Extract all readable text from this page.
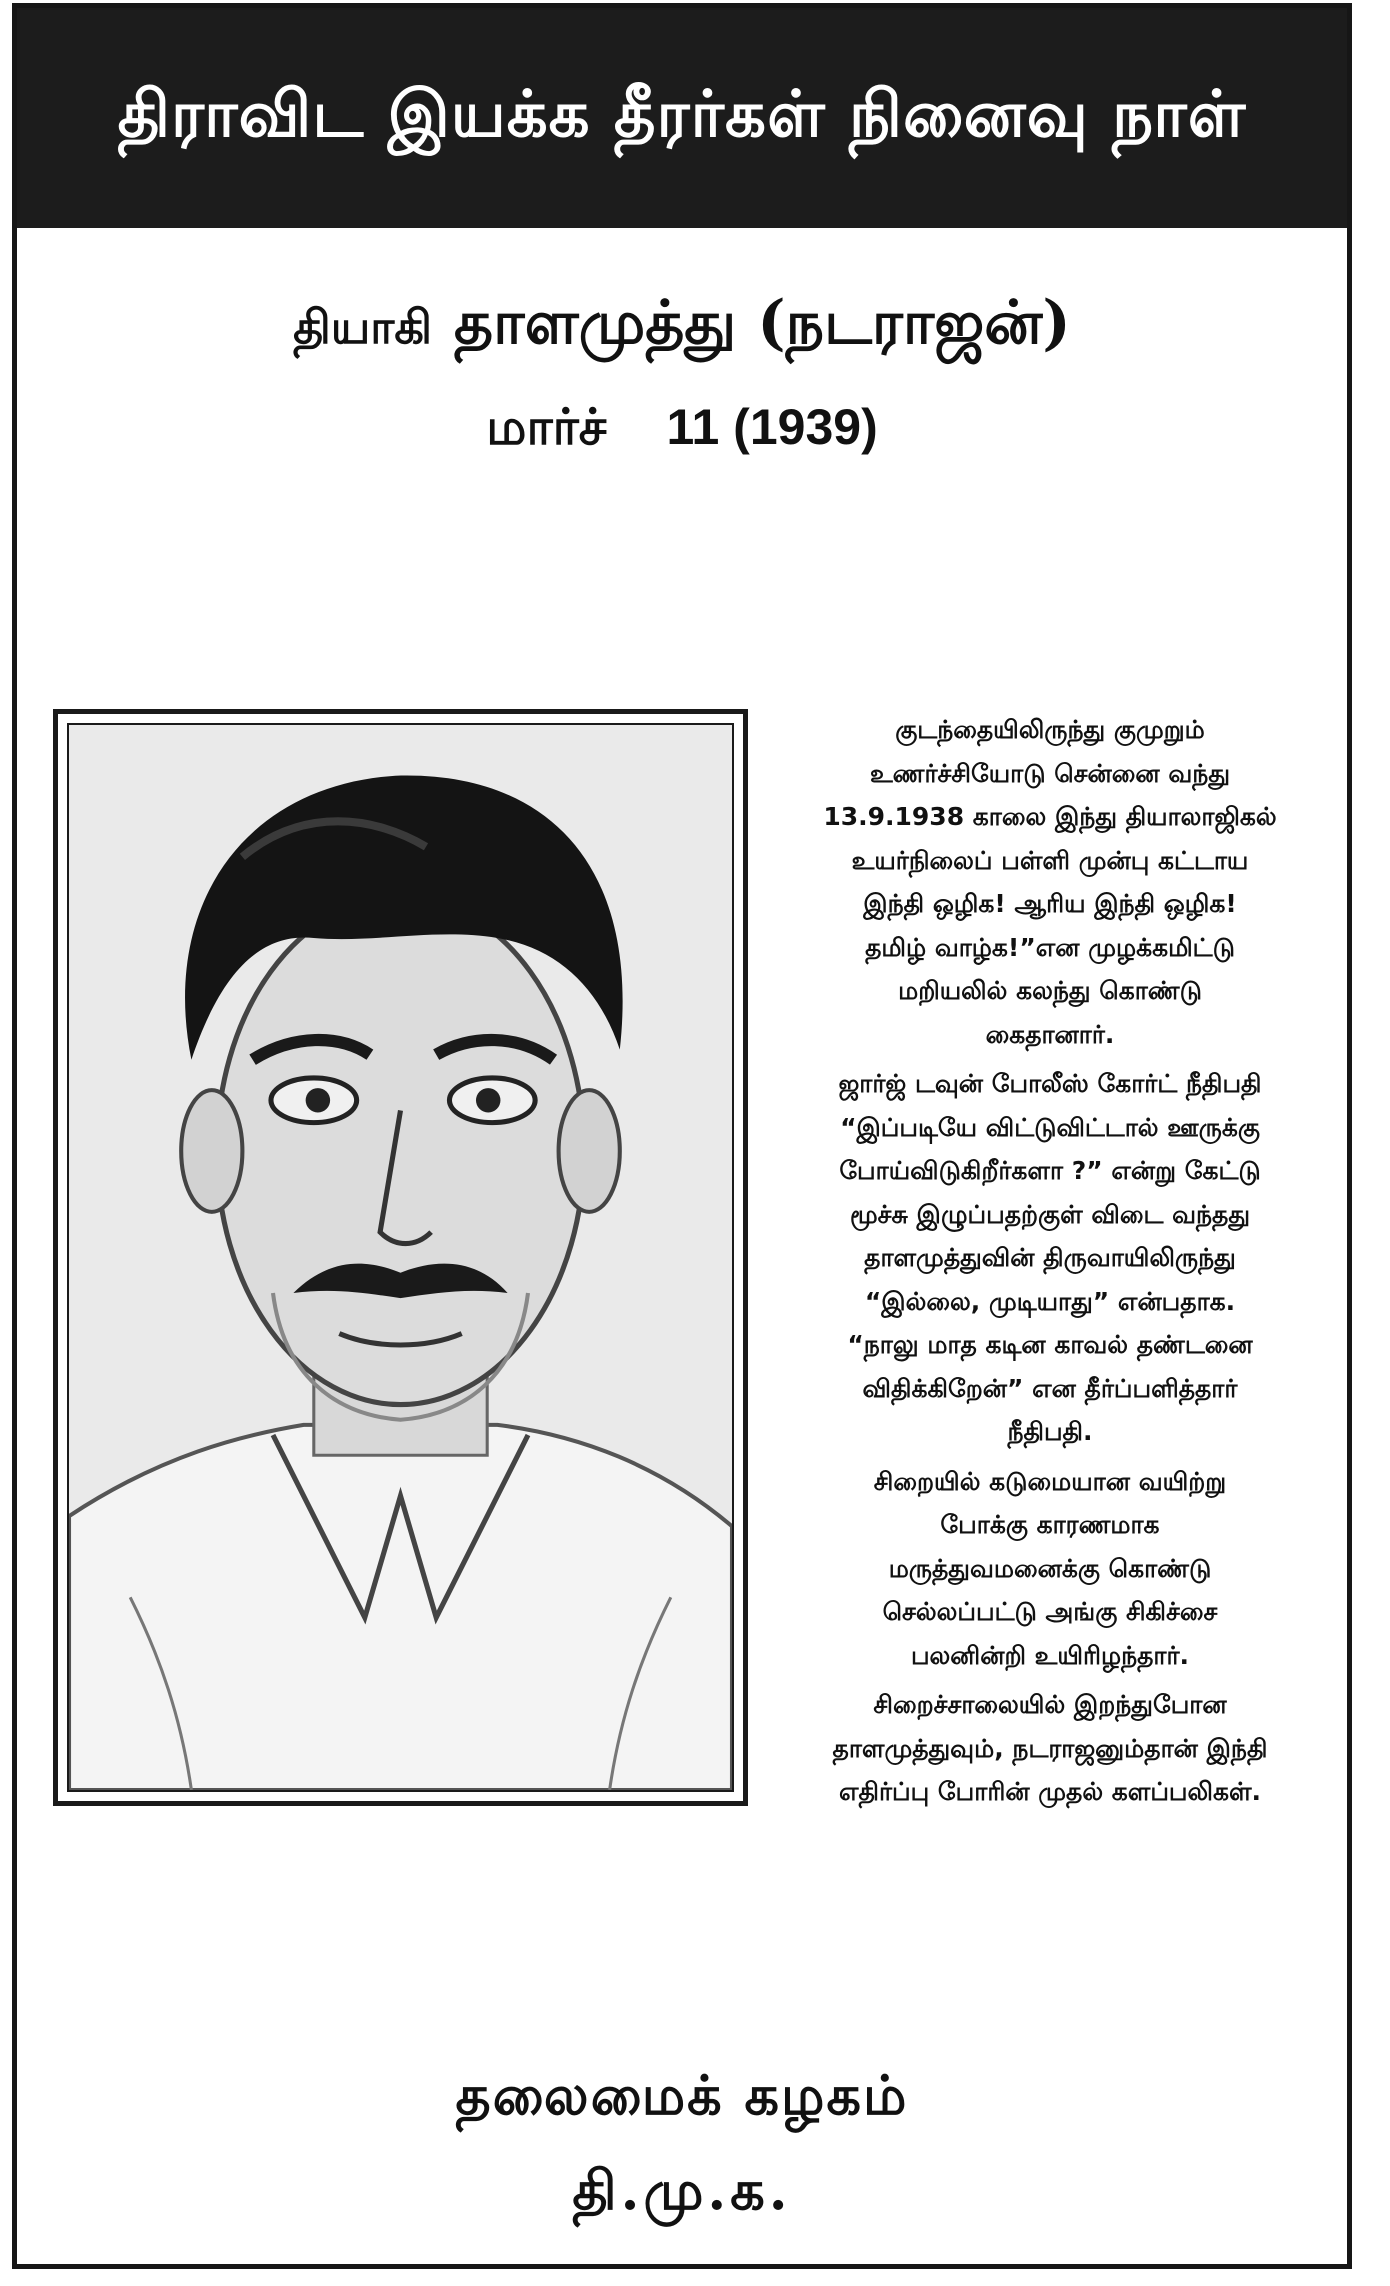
திராவிட இயக்க தீரர்கள் நினைவு நாள்
தியாகி தாளமுத்து (நடராஜன்)
மார்ச் 11 (1939)

குடந்தையிலிருந்து குமுறும்
உணர்ச்சியோடு சென்னை வந்து
13.9.1938 காலை இந்து தியாலாஜிகல்
உயர்நிலைப் பள்ளி முன்பு கட்டாய
இந்தி ஒழிக! ஆரிய இந்தி ஒழிக!
தமிழ் வாழ்க!”என முழக்கமிட்டு
மறியலில் கலந்து கொண்டு
கைதானார்.

ஜார்ஜ் டவுன் போலீஸ் கோர்ட் நீதிபதி
“இப்படியே விட்டுவிட்டால் ஊருக்கு
போய்விடுகிறீர்களா ?” என்று கேட்டு
மூச்சு இழுப்பதற்குள் விடை வந்தது
தாளமுத்துவின் திருவாயிலிருந்து
“இல்லை, முடியாது” என்பதாக.
“நாலு மாத கடின காவல் தண்டனை
விதிக்கிறேன்” என தீர்ப்பளித்தார்
நீதிபதி.

சிறையில் கடுமையான வயிற்று
போக்கு காரணமாக
மருத்துவமனைக்கு கொண்டு
செல்லப்பட்டு அங்கு சிகிச்சை
பலனின்றி உயிரிழந்தார்.

சிறைச்சாலையில் இறந்துபோன
தாளமுத்துவும், நடராஜனும்தான் இந்தி
எதிர்ப்பு போரின் முதல் களப்பலிகள்.

தலைமைக் கழகம்
தி.மு.க.
